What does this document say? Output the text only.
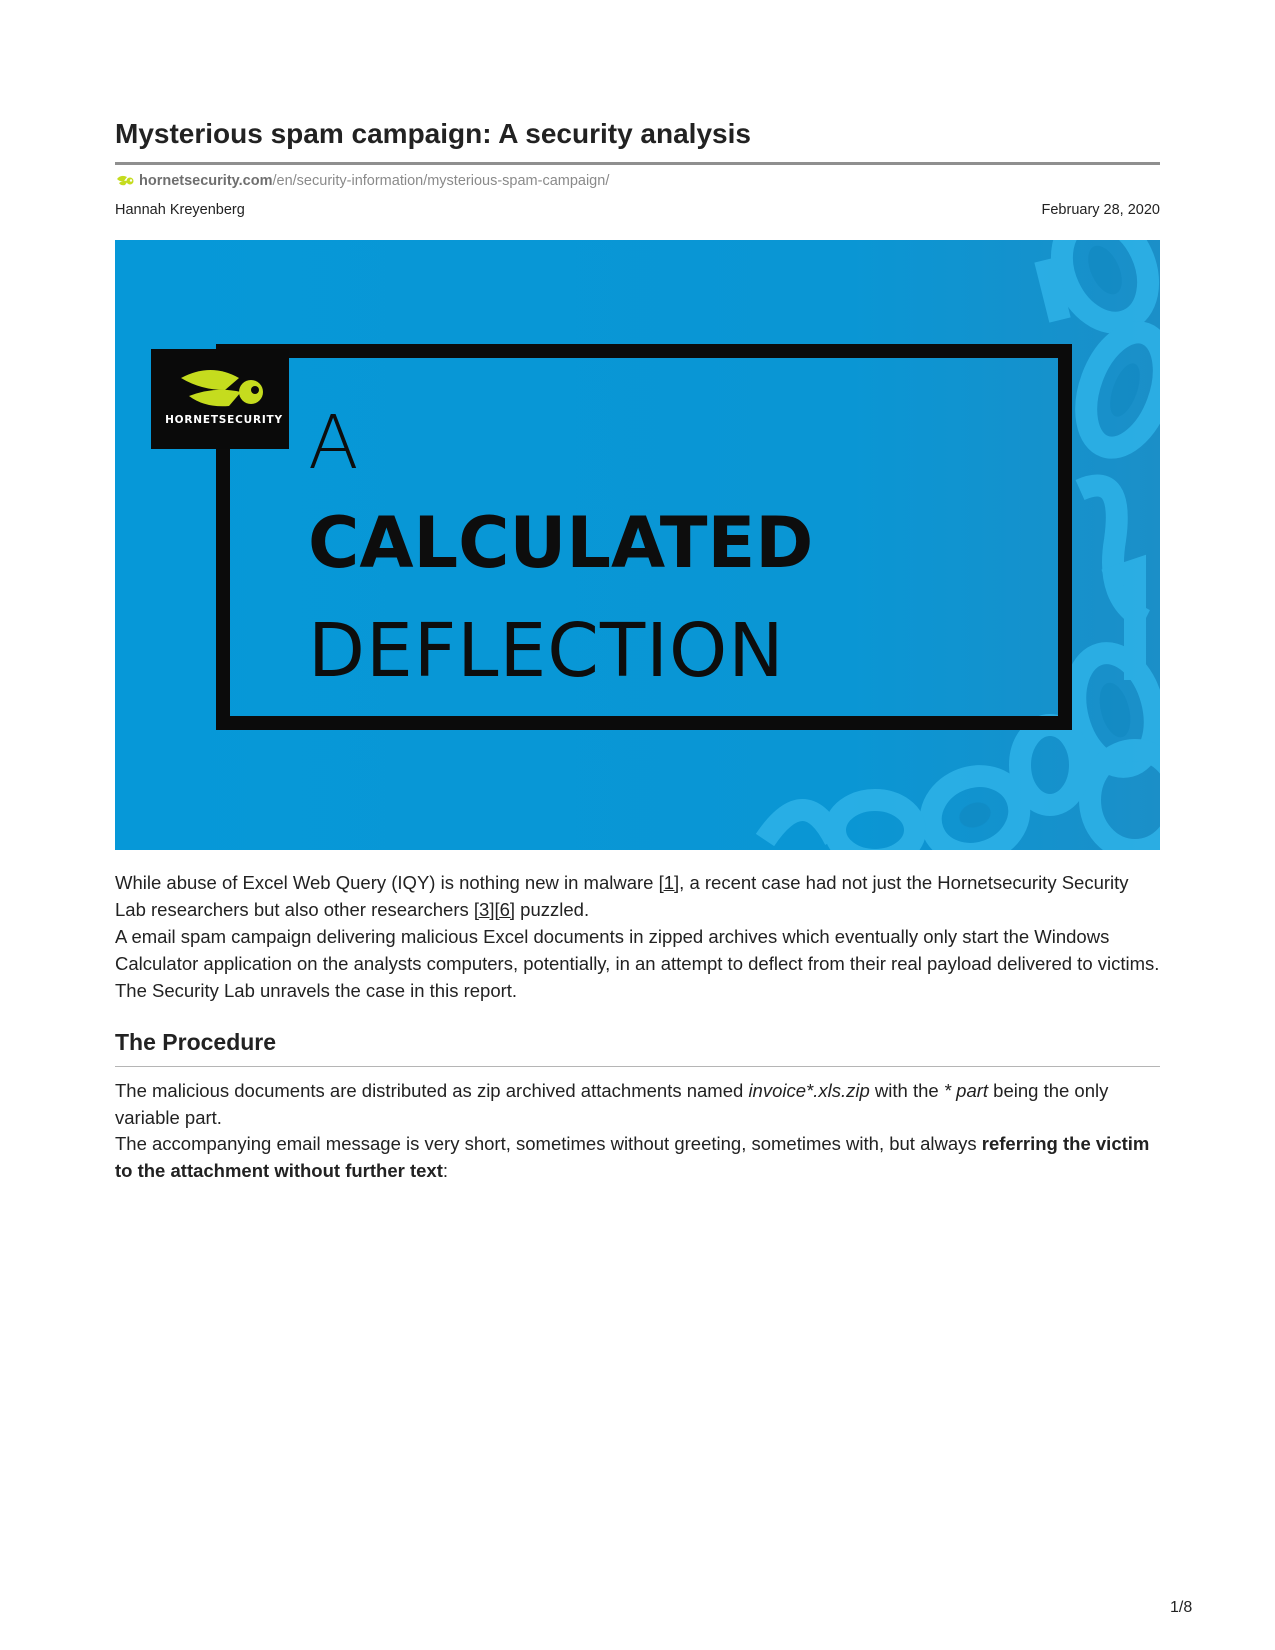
Mysterious spam campaign: A security analysis
hornetsecurity.com /en/security-information/mysterious-spam-campaign/
Hannah Kreyenberg	February 28, 2020
HORNETSECURITY A
CALCULATED
DEFLECTION

While abuse of Excel Web Query (IQY) is nothing new in malware [1], a recent case had not just the Hornetsecurity Security Lab researchers but also other researchers [3][6] puzzled.

A email spam campaign delivering malicious Excel documents in zipped archives which eventually only start the Windows Calculator application on the analysts computers, potentially, in an attempt to deflect from their real payload delivered to victims. The Security Lab unravels the case in this report.

The Procedure

The malicious documents are distributed as zip archived attachments named invoice*.xls.zip with the * part being the only variable part.

The accompanying email message is very short, sometimes without greeting, sometimes with, but always referring the victim to the attachment without further text:

1/8
